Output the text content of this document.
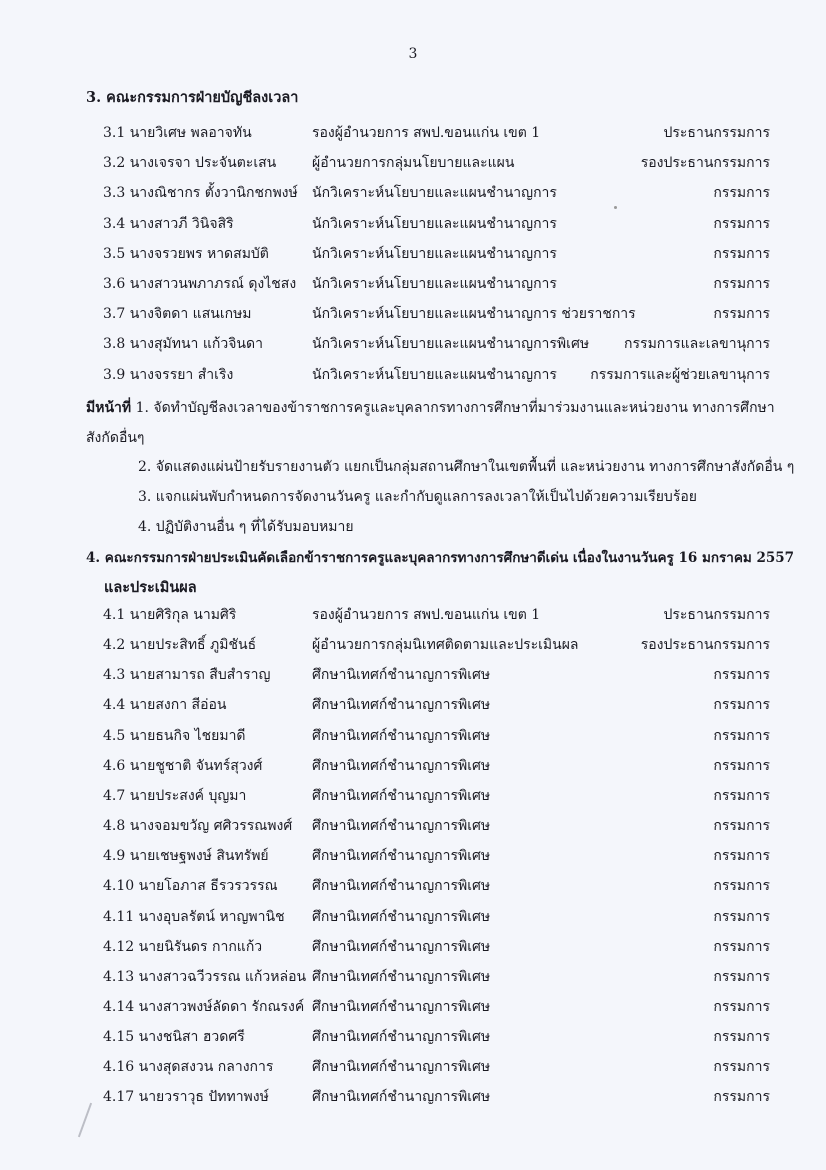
3
3. คณะกรรมการฝ่ายบัญชีลงเวลา
3.1 นายวิเศษ พลอาจทัน	รองผู้อำนวยการ สพป.ขอนแก่น เขต 1	ประธานกรรมการ
3.2 นางเจรจา ประจันตะเสน	ผู้อำนวยการกลุ่มนโยบายและแผน	รองประธานกรรมการ
3.3 นางณิชากร ตั้งวานิกชกพงษ์ นักวิเคราะห์นโยบายและแผนชำนาญการ	กรรมการ
3.4 นางสาวภี วินิจสิริ	นักวิเคราะห์นโยบายและแผนชำนาญการ	กรรมการ
3.5 นางจรวยพร หาดสมบัติ	นักวิเคราะห์นโยบายและแผนชำนาญการ	กรรมการ
3.6 นางสาวนพภาภรณ์ ดุงไชสง นักวิเคราะห์นโยบายและแผนชำนาญการ	กรรมการ
3.7 นางจิตดา แสนเกษม	นักวิเคราะห์นโยบายและแผนชำนาญการ ช่วยราชการ	กรรมการ
3.8 นางสุมัทนา แก้วจินดา	นักวิเคราะห์นโยบายและแผนชำนาญการพิเศษ กรรมการและเลขานุการ
3.9 นางจรรยา สำเริง	นักวิเคราะห์นโยบายและแผนชำนาญการ กรรมการและผู้ช่วยเลขานุการ
มีหน้าที่ 1. จัดทำบัญชีลงเวลาของข้าราชการครูและบุคลากรทางการศึกษาที่มาร่วมงานและหน่วยงาน ทางการศึกษา
สังกัดอื่นๆ
2. จัดแสดงแผ่นป้ายรับรายงานตัว แยกเป็นกลุ่มสถานศึกษาในเขตพื้นที่ และหน่วยงาน ทางการศึกษาสังกัดอื่น ๆ
3. แจกแผ่นพับกำหนดการจัดงานวันครู และกำกับดูแลการลงเวลาให้เป็นไปด้วยความเรียบร้อย
4. ปฏิบัติงานอื่น ๆ ที่ได้รับมอบหมาย
4. คณะกรรมการฝ่ายประเมินคัดเลือกข้าราชการครูและบุคลากรทางการศึกษาดีเด่น เนื่องในงานวันครู 16 มกราคม 2557
และประเมินผล
4.1 นายศิริกุล นามศิริ	รองผู้อำนวยการ สพป.ขอนแก่น เขต 1	ประธานกรรมการ
4.2 นายประสิทธิ์ ภูมิชันธ์	ผู้อำนวยการกลุ่มนิเทศติดตามและประเมินผล	รองประธานกรรมการ
4.3 นายสามารถ สืบสำราญ	ศึกษานิเทศก์ชำนาญการพิเศษ	กรรมการ
4.4 นายสงกา สีอ่อน	ศึกษานิเทศก์ชำนาญการพิเศษ	กรรมการ
4.5 นายธนกิจ ไชยมาดี	ศึกษานิเทศก์ชำนาญการพิเศษ	กรรมการ
4.6 นายชูชาติ จันทร์สุวงศ์	ศึกษานิเทศก์ชำนาญการพิเศษ	กรรมการ
4.7 นายประสงค์ บุญมา	ศึกษานิเทศก์ชำนาญการพิเศษ	กรรมการ
4.8 นางจอมขวัญ ศศิวรรณพงศ์ ศึกษานิเทศก์ชำนาญการพิเศษ	กรรมการ
4.9 นายเชษฐพงษ์ สินทรัพย์	ศึกษานิเทศก์ชำนาญการพิเศษ	กรรมการ
4.10 นายโอภาส ธีรวรวรรณ ศึกษานิเทศก์ชำนาญการพิเศษ	กรรมการ
4.11 นางอุบลรัตน์ หาญพานิช ศึกษานิเทศก์ชำนาญการพิเศษ	กรรมการ
4.12 นายนิรันดร กากแก้ว	ศึกษานิเทศก์ชำนาญการพิเศษ	กรรมการ
4.13 นางสาวฉวีวรรณ แก้วหล่อน ศึกษานิเทศก์ชำนาญการพิเศษ	กรรมการ
4.14 นางสาวพงษ์ลัดดา รักณรงค์ ศึกษานิเทศก์ชำนาญการพิเศษ	กรรมการ
4.15 นางชนิสา ฮวดศรี	ศึกษานิเทศก์ชำนาญการพิเศษ	กรรมการ
4.16 นางสุดสงวน กลางการ	ศึกษานิเทศก์ชำนาญการพิเศษ	กรรมการ
4.17 นายวราวุธ ปัททาพงษ์	ศึกษานิเทศก์ชำนาญการพิเศษ	กรรมการ
